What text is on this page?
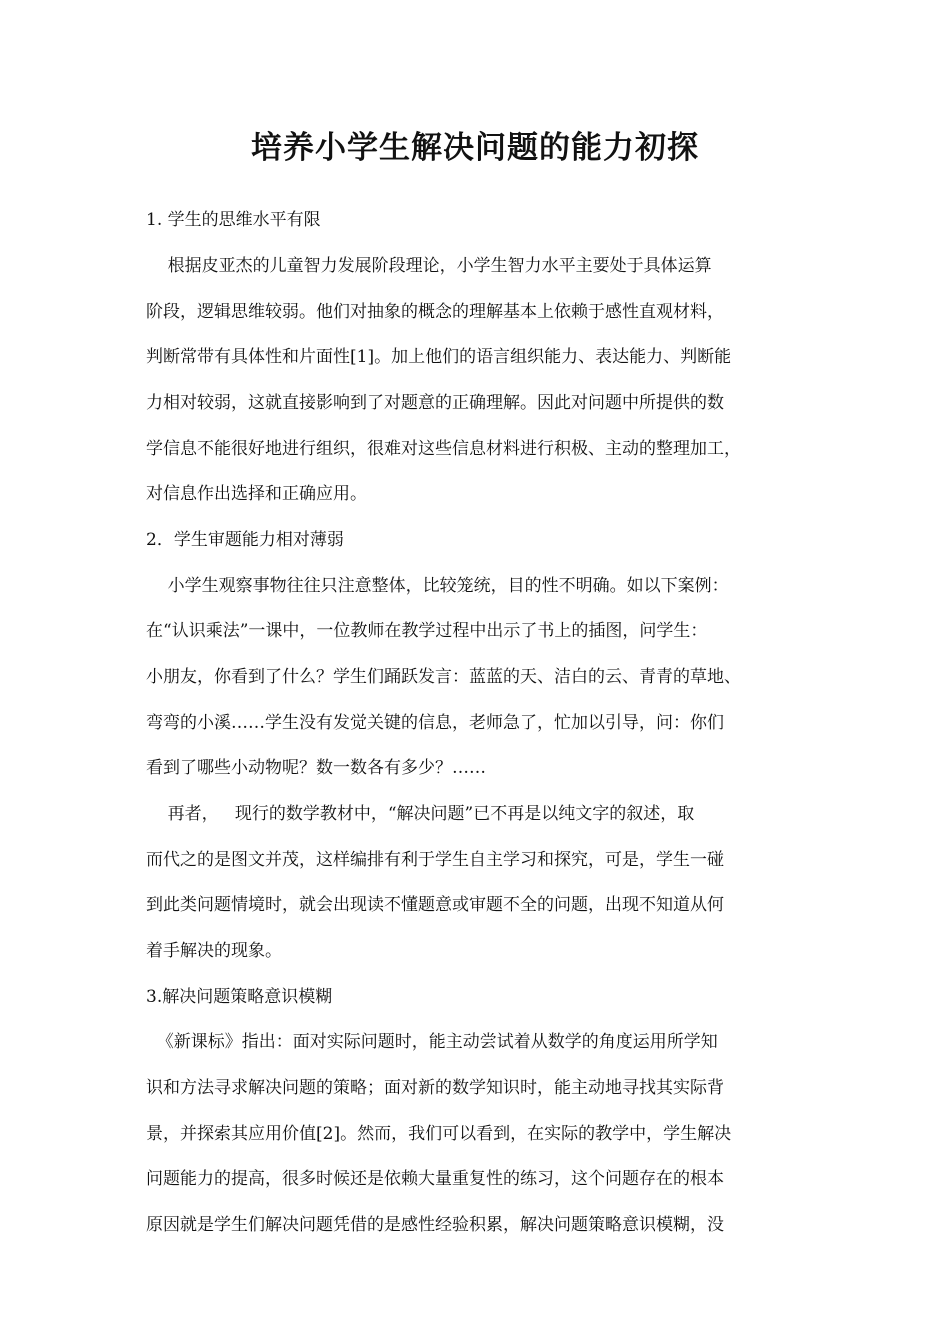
培养小学生解决问题的能力初探
1. 学生的思维水平有限
根据皮亚杰的儿童智力发展阶段理论，小学生智力水平主要处于具体运算
阶段，逻辑思维较弱。他们对抽象的概念的理解基本上依赖于感性直观材料，
判断常带有具体性和片面性[1]。加上他们的语言组织能力、表达能力、判断能
力相对较弱，这就直接影响到了对题意的正确理解。因此对问题中所提供的数
学信息不能很好地进行组织，很难对这些信息材料进行积极、主动的整理加工，
对信息作出选择和正确应用。
2．学生审题能力相对薄弱
小学生观察事物往往只注意整体，比较笼统，目的性不明确。如以下案例：
在“认识乘法”一课中，一位教师在教学过程中出示了书上的插图，问学生：
小朋友，你看到了什么？学生们踊跃发言：蓝蓝的天、洁白的云、青青的草地、
弯弯的小溪……学生没有发觉关键的信息，老师急了，忙加以引导，问：你们
看到了哪些小动物呢？数一数各有多少？……
再者，   现行的数学教材中，“解决问题”已不再是以纯文字的叙述，取
而代之的是图文并茂，这样编排有利于学生自主学习和探究，可是，学生一碰
到此类问题情境时，就会出现读不懂题意或审题不全的问题，出现不知道从何
着手解决的现象。
3.解决问题策略意识模糊
《新课标》指出：面对实际问题时，能主动尝试着从数学的角度运用所学知
识和方法寻求解决问题的策略；面对新的数学知识时，能主动地寻找其实际背
景，并探索其应用价值[2]。然而，我们可以看到，在实际的教学中，学生解决
问题能力的提高，很多时候还是依赖大量重复性的练习，这个问题存在的根本
原因就是学生们解决问题凭借的是感性经验积累，解决问题策略意识模糊，没
